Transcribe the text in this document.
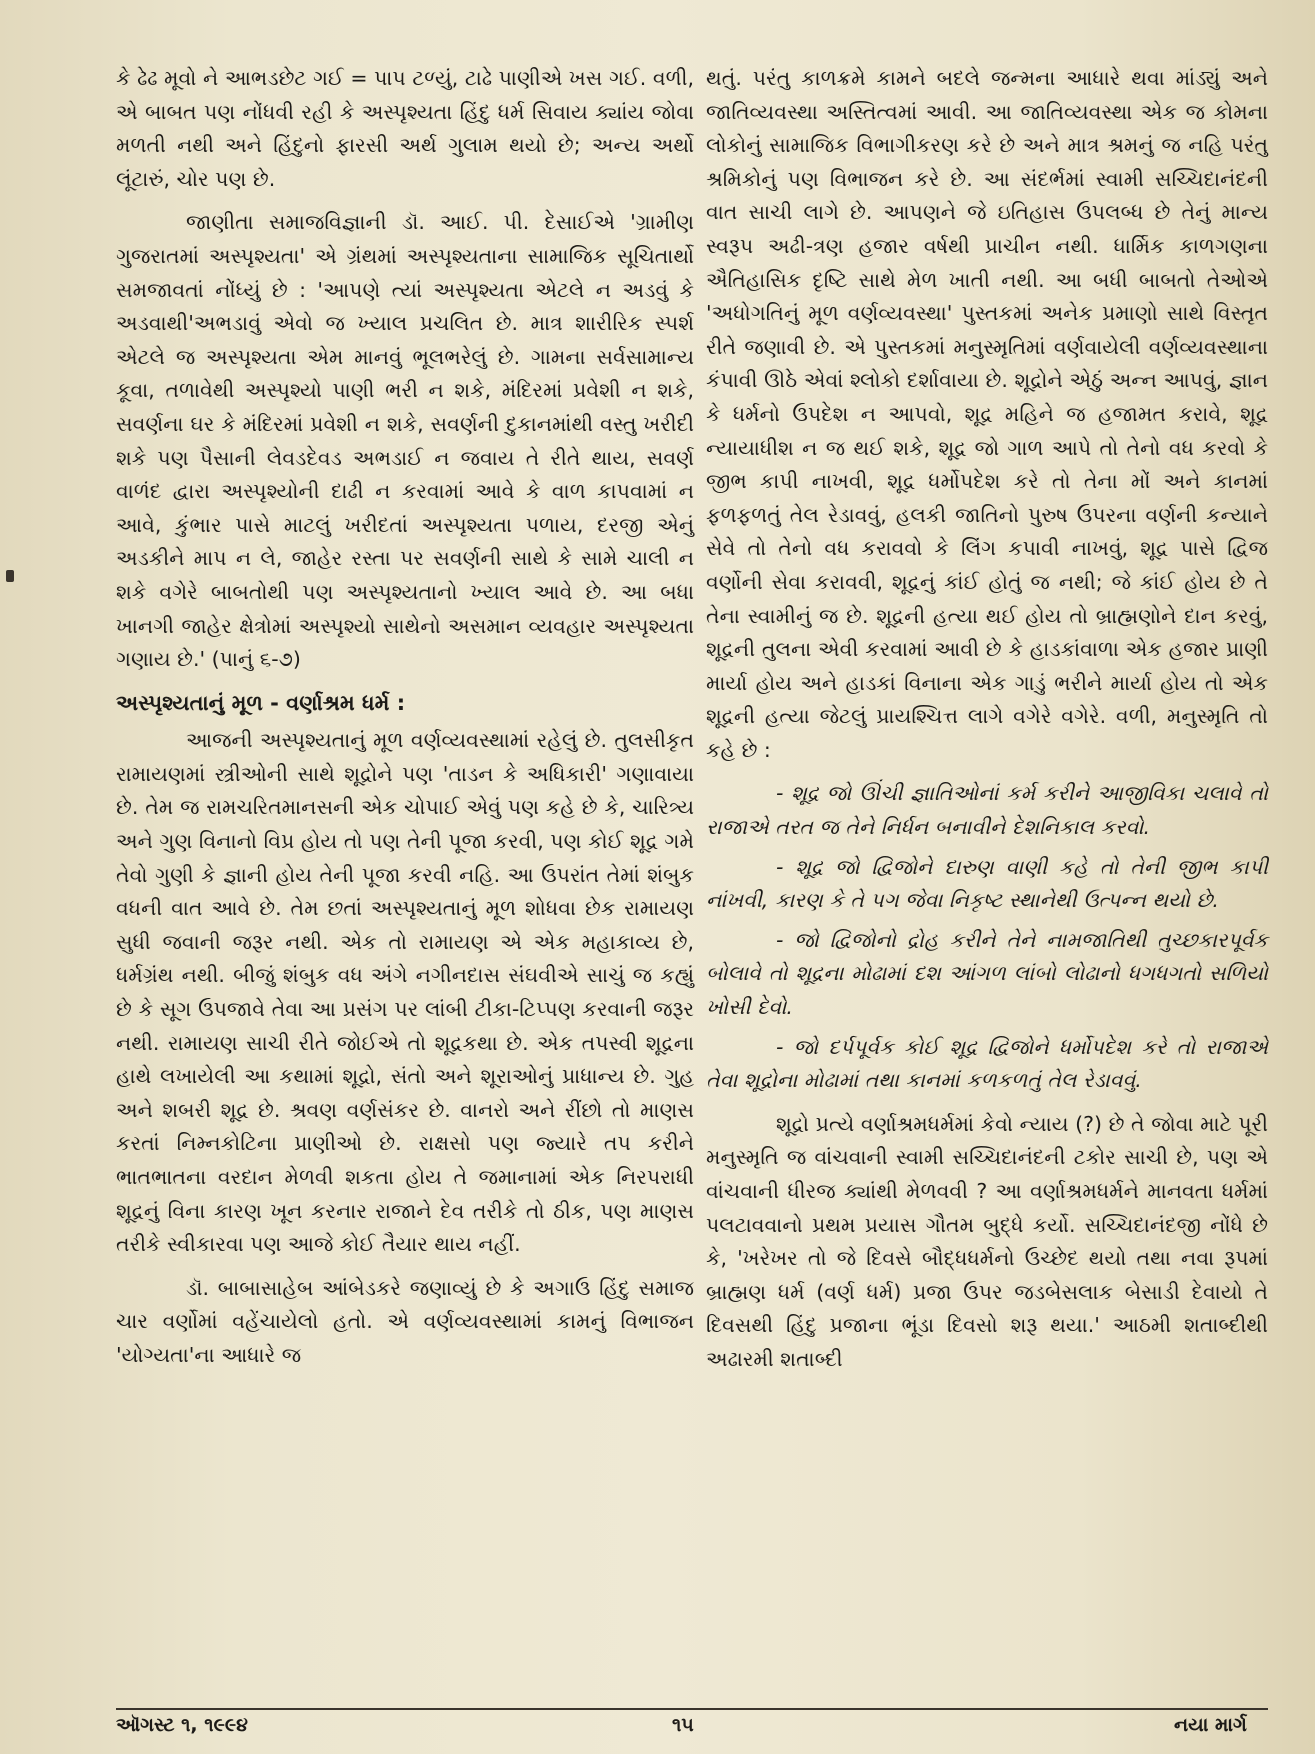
કે ઢેઢ મૂવો ને આભડછેટ ગઈ = પાપ ટળ્યું, ટાઢે પાણીએ ખસ ગઈ. વળી, એ બાબત પણ નોંધવી રહી કે અસ્પૃશ્યતા હિંદુ ધર્મ સિવાય ક્યાંય જોવા મળતી નથી અને હિંદુનો ફારસી અર્થ ગુલામ થયો છે; અન્ય અર્થો લૂંટારું, ચોર પણ છે.

જાણીતા સમાજવિજ્ઞાની ડૉ. આઈ. પી. દેસાઈએ 'ગ્રામીણ ગુજરાતમાં અસ્પૃશ્યતા' એ ગ્રંથમાં અસ્પૃશ્યતાના સામાજિક સૂચિતાર્થો સમજાવતાં નોંધ્યું છે : 'આપણે ત્યાં અસ્પૃશ્યતા એટલે ન અડવું કે અડવાથી'અભડાવું એવો જ ખ્યાલ પ્રચલિત છે. માત્ર શારીરિક સ્પર્શ એટલે જ અસ્પૃશ્યતા એમ માનવું ભૂલભરેલું છે. ગામના સર્વસામાન્ય કૂવા, તળાવેથી અસ્પૃશ્યો પાણી ભરી ન શકે, મંદિરમાં પ્રવેશી ન શકે, સવર્ણના ઘર કે મંદિરમાં પ્રવેશી ન શકે, સવર્ણની દુકાનમાંથી વસ્તુ ખરીદી શકે પણ પૈસાની લેવડદેવડ અભડાઈ ન જવાય તે રીતે થાય, સવર્ણ વાળંદ દ્વારા અસ્પૃશ્યોની દાઢી ન કરવામાં આવે કે વાળ કાપવામાં ન આવે, કુંભાર પાસે માટલું ખરીદતાં અસ્પૃશ્યતા પળાય, દરજી એનું અડકીને માપ ન લે, જાહેર રસ્તા પર સવર્ણની સાથે કે સામે ચાલી ન શકે વગેરે બાબતોથી પણ અસ્પૃશ્યતાનો ખ્યાલ આવે છે. આ બધા ખાનગી જાહેર ક્ષેત્રોમાં અસ્પૃશ્યો સાથેનો અસમાન વ્યવહાર અસ્પૃશ્યતા ગણાય છે.' (પાનું ૬-૭)

અસ્પૃશ્યતાનું મૂળ - વર્ણાશ્રમ ધર્મ :

આજની અસ્પૃશ્યતાનું મૂળ વર્ણવ્યવસ્થામાં રહેલું છે. તુલસીકૃત રામાયણમાં સ્ત્રીઓની સાથે શૂદ્રોને પણ 'તાડન કે અધિકારી' ગણાવાયા છે. તેમ જ રામચરિતમાનસની એક ચોપાઈ એવું પણ કહે છે કે, ચારિત્ર્ય અને ગુણ વિનાનો વિપ્ર હોય તો પણ તેની પૂજા કરવી, પણ કોઈ શૂદ્ર ગમે તેવો ગુણી કે જ્ઞાની હોય તેની પૂજા કરવી નહિ. આ ઉપરાંત તેમાં શંબુક વધની વાત આવે છે. તેમ છતાં અસ્પૃશ્યતાનું મૂળ શોધવા છેક રામાયણ સુધી જવાની જરૂર નથી. એક તો રામાયણ એ એક મહાકાવ્ય છે, ધર્મગ્રંથ નથી. બીજું શંબુક વધ અંગે નગીનદાસ સંઘવીએ સાચું જ કહ્યું છે કે સૂગ ઉપજાવે તેવા આ પ્રસંગ પર લાંબી ટીકા-ટિપ્પણ કરવાની જરૂર નથી. રામાયણ સાચી રીતે જોઈએ તો શૂદ્રકથા છે. એક તપસ્વી શૂદ્રના હાથે લખાયેલી આ કથામાં શૂદ્રો, સંતો અને શૂરાઓનું પ્રાધાન્ય છે. ગુહ અને શબરી શૂદ્ર છે. શ્રવણ વર્ણસંકર છે. વાનરો અને રીંછો તો માણસ કરતાં નિમ્નકોટિના પ્રાણીઓ છે. રાક્ષસો પણ જ્યારે તપ કરીને ભાતભાતના વરદાન મેળવી શકતા હોય તે જમાનામાં એક નિરપરાધી શૂદ્રનું વિના કારણ ખૂન કરનાર રાજાને દેવ તરીકે તો ઠીક, પણ માણસ તરીકે સ્વીકારવા પણ આજે કોઈ તૈયાર થાય નહીં.

ડૉ. બાબાસાહેબ આંબેડકરે જણાવ્યું છે કે અગાઉ હિંદુ સમાજ ચાર વર્ણોમાં વહેંચાયેલો હતો. એ વર્ણવ્યવસ્થામાં કામનું વિભાજન 'યોગ્યતા'ના આધારે જ

થતું. પરંતુ કાળક્રમે કામને બદલે જન્મના આધારે થવા માંડ્યું અને જાતિવ્યવસ્થા અસ્તિત્વમાં આવી. આ જાતિવ્યવસ્થા એક જ કોમના લોકોનું સામાજિક વિભાગીકરણ કરે છે અને માત્ર શ્રમનું જ નહિ પરંતુ શ્રમિકોનું પણ વિભાજન કરે છે. આ સંદર્ભમાં સ્વામી સચ્ચિદાનંદની વાત સાચી લાગે છે. આપણને જે ઇતિહાસ ઉપલબ્ધ છે તેનું માન્ય સ્વરૂપ અઢી-ત્રણ હજાર વર્ષથી પ્રાચીન નથી. ધાર્મિક કાળગણના ઐતિહાસિક દૃષ્ટિ સાથે મેળ ખાતી નથી. આ બધી બાબતો તેઓએ 'અધોગતિનું મૂળ વર્ણવ્યવસ્થા' પુસ્તકમાં અનેક પ્રમાણો સાથે વિસ્તૃત રીતે જણાવી છે. એ પુસ્તકમાં મનુસ્મૃતિમાં વર્ણવાયેલી વર્ણવ્યવસ્થાના કંપાવી ઊઠે એવાં શ્લોકો દર્શાવાયા છે. શૂદ્રોને એઠું અન્ન આપવું, જ્ઞાન કે ધર્મનો ઉપદેશ ન આપવો, શૂદ્ર મહિને જ હજામત કરાવે, શૂદ્ર ન્યાયાધીશ ન જ થઈ શકે, શૂદ્ર જો ગાળ આપે તો તેનો વધ કરવો કે જીભ કાપી નાખવી, શૂદ્ર ધર્મોપદેશ કરે તો તેના મોં અને કાનમાં ફળફળતું તેલ રેડાવવું, હલકી જાતિનો પુરુષ ઉપરના વર્ણની કન્યાને સેવે તો તેનો વધ કરાવવો કે લિંગ કપાવી નાખવું, શૂદ્ર પાસે દ્વિજ વર્ણોની સેવા કરાવવી, શૂદ્રનું કાંઈ હોતું જ નથી; જે કાંઈ હોય છે તે તેના સ્વામીનું જ છે. શૂદ્રની હત્યા થઈ હોય તો બ્રાહ્મણોને દાન કરવું, શૂદ્રની તુલના એવી કરવામાં આવી છે કે હાડકાંવાળા એક હજાર પ્રાણી માર્યા હોય અને હાડકાં વિનાના એક ગાડું ભરીને માર્યા હોય તો એક શૂદ્રની હત્યા જેટલું પ્રાયશ્ચિત્ત લાગે વગેરે વગેરે. વળી, મનુસ્મૃતિ તો કહે છે :

- શૂદ્ર જો ઊંચી જ્ઞાતિઓનાં કર્મ કરીને આજીવિકા ચલાવે તો રાજાએ તરત જ તેને નિર્ધન બનાવીને દેશનિકાલ કરવો.

- શૂદ્ર જો દ્વિજોને દારુણ વાણી કહે તો તેની જીભ કાપી નાંખવી, કારણ કે તે પગ જેવા નિકૃષ્ટ સ્થાનેથી ઉત્પન્ન થયો છે.

- જો દ્વિજોનો દ્રોહ કરીને તેને નામજાતિથી તુચ્છકારપૂર્વક બોલાવે તો શૂદ્રના મોઢામાં દશ આંગળ લાંબો લોઢાનો ધગધગતો સળિયો ખોસી દેવો.

- જો દર્પપૂર્વક કોઈ શૂદ્ર દ્વિજોને ધર્મોપદેશ કરે તો રાજાએ તેવા શૂદ્રોના મોઢામાં તથા કાનમાં કળકળતું તેલ રેડાવવું.

શૂદ્રો પ્રત્યે વર્ણાશ્રમધર્મમાં કેવો ન્યાય (?) છે તે જોવા માટે પૂરી મનુસ્મૃતિ જ વાંચવાની સ્વામી સચ્ચિદાનંદની ટકોર સાચી છે, પણ એ વાંચવાની ધીરજ ક્યાંથી મેળવવી ? આ વર્ણાશ્રમધર્મને માનવતા ધર્મમાં પલટાવવાનો પ્રથમ પ્રયાસ ગૌતમ બુદ્ધે કર્યો. સચ્ચિદાનંદજી નોંધે છે કે, 'ખરેખર તો જે દિવસે બૌદ્ધધર્મનો ઉચ્છેદ થયો તથા નવા રૂપમાં બ્રાહ્મણ ધર્મ (વર્ણ ધર્મ) પ્રજા ઉપર જડબેસલાક બેસાડી દેવાયો તે દિવસથી હિંદુ પ્રજાના ભૂંડા દિવસો શરૂ થયા.' આઠમી શતાબ્દીથી અઢારમી શતાબ્દી

ઑગસ્ટ ૧, ૧૯૯૪	૧૫	નયા માર્ગ
